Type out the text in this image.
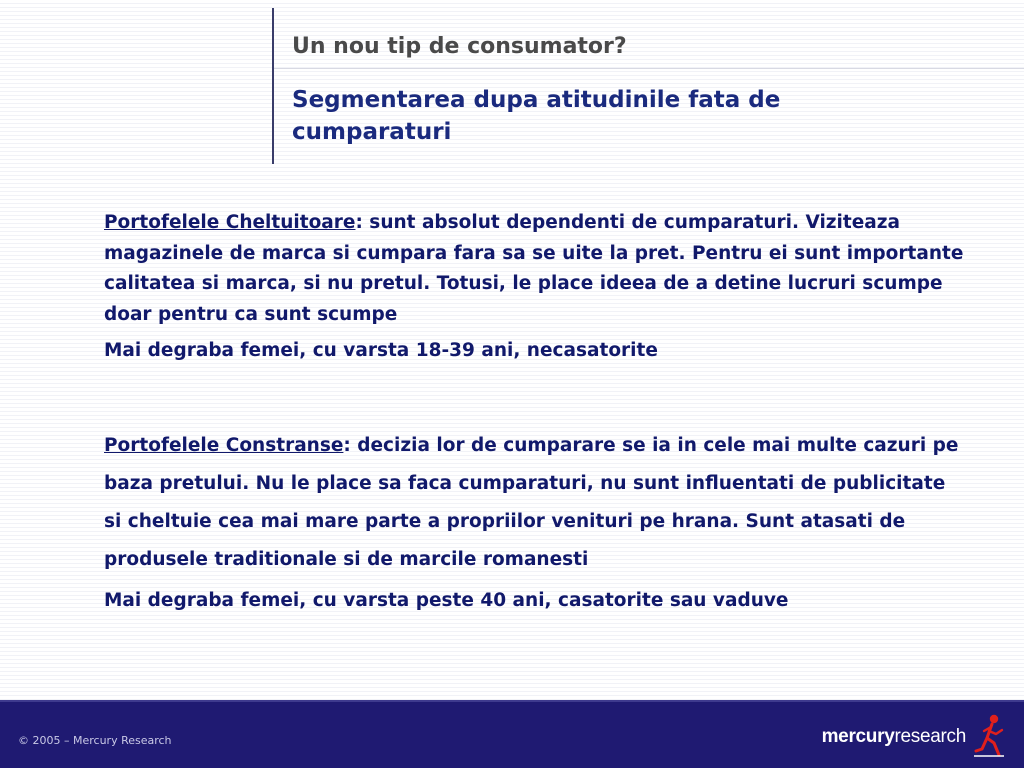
Un nou tip de consumator?
Segmentarea dupa atitudinile fata de cumparaturi

Portofelele Cheltuitoare: sunt absolut dependenti de cumparaturi. Viziteaza magazinele de marca si cumpara fara sa se uite la pret. Pentru ei sunt importante calitatea si marca, si nu pretul. Totusi, le place ideea de a detine lucruri scumpe doar pentru ca sunt scumpe

Mai degraba femei, cu varsta 18-39 ani, necasatorite

Portofelele Constranse: decizia lor de cumparare se ia in cele mai multe cazuri pe baza pretului. Nu le place sa faca cumparaturi, nu sunt influentati de publicitate si cheltuie cea mai mare parte a propriilor venituri pe hrana. Sunt atasati de produsele traditionale si de marcile romanesti

Mai degraba femei, cu varsta peste 40 ani, casatorite sau vaduve

© 2005 – Mercury Research	mercuryresearch
